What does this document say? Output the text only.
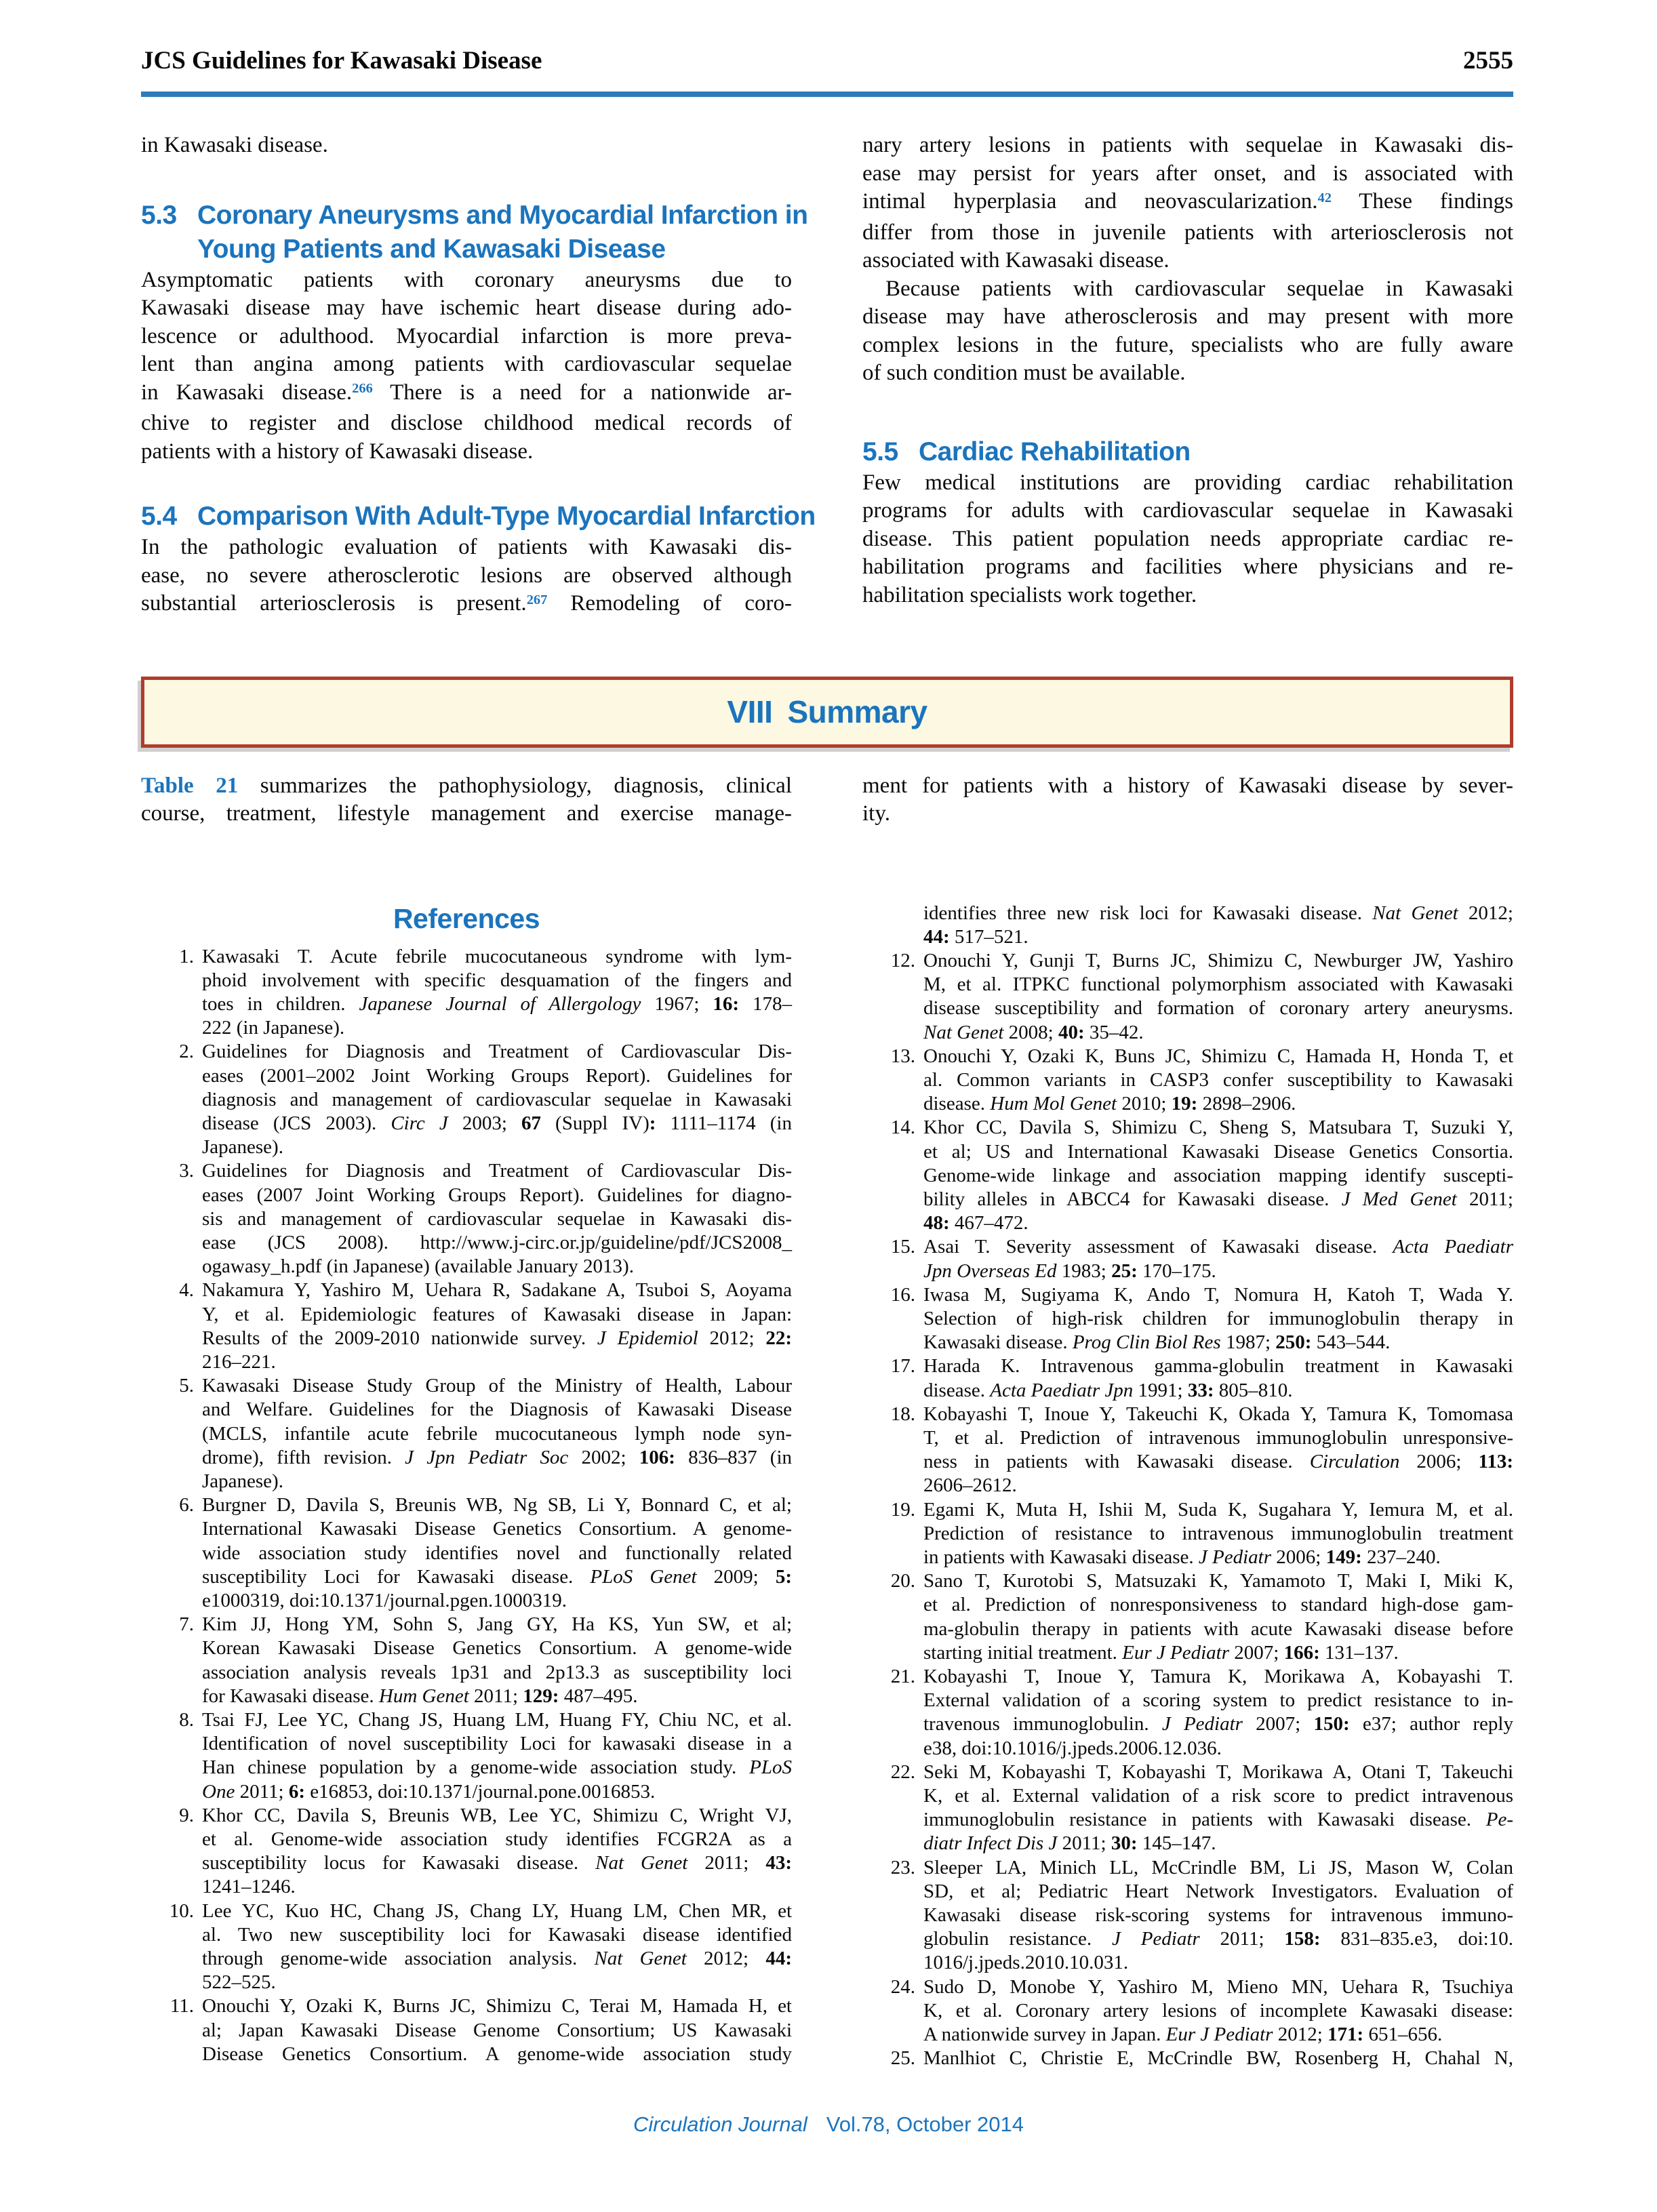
JCS Guidelines for Kawasaki Disease	2555
in Kawasaki disease.
5.3 Coronary Aneurysms and Myocardial Infarction in
Young Patients and Kawasaki Disease
Asymptomatic patients with coronary aneurysms due to
Kawasaki disease may have ischemic heart disease during ado-
lescence or adulthood. Myocardial infarction is more preva-
lent than angina among patients with cardiovascular sequelae
in Kawasaki disease.$^{266}$ There is a need for a nationwide ar-
chive to register and disclose childhood medical records of
patients with a history of Kawasaki disease.
5.4 Comparison With Adult-Type Myocardial Infarction
In the pathologic evaluation of patients with Kawasaki dis-
ease, no severe atherosclerotic lesions are observed although
substantial arteriosclerosis is present.$^{267}$ Remodeling of coro-
nary artery lesions in patients with sequelae in Kawasaki dis-
ease may persist for years after onset, and is associated with
intimal hyperplasia and neovascularization.$^{42}$ These findings
differ from those in juvenile patients with arteriosclerosis not
associated with Kawasaki disease.
Because patients with cardiovascular sequelae in Kawasaki
disease may have atherosclerosis and may present with more
complex lesions in the future, specialists who are fully aware
of such condition must be available.
5.5 Cardiac Rehabilitation
Few medical institutions are providing cardiac rehabilitation
programs for adults with cardiovascular sequelae in Kawasaki
disease. This patient population needs appropriate cardiac re-
habilitation programs and facilities where physicians and re-
habilitation specialists work together.
VIII Summary
Table 21 summarizes the pathophysiology, diagnosis, clinical
course, treatment, lifestyle management and exercise manage-
ment for patients with a history of Kawasaki disease by sever-
ity.
References
1. Kawasaki T. Acute febrile mucocutaneous syndrome with lym-
phoid involvement with specific desquamation of the fingers and
toes in children. Japanese Journal of Allergology 1967; 16: 178–
222 (in Japanese).
2. Guidelines for Diagnosis and Treatment of Cardiovascular Dis-
eases (2001–2002 Joint Working Groups Report). Guidelines for
diagnosis and management of cardiovascular sequelae in Kawasaki
disease (JCS 2003). Circ J 2003; 67 (Suppl IV): 1111–1174 (in
Japanese).
3. Guidelines for Diagnosis and Treatment of Cardiovascular Dis-
eases (2007 Joint Working Groups Report). Guidelines for diagno-
sis and management of cardiovascular sequelae in Kawasaki dis-
ease (JCS 2008). http://www.j-circ.or.jp/guideline/pdf/JCS2008_
ogawasy_h.pdf (in Japanese) (available January 2013).
4. Nakamura Y, Yashiro M, Uehara R, Sadakane A, Tsuboi S, Aoyama
Y, et al. Epidemiologic features of Kawasaki disease in Japan:
Results of the 2009-2010 nationwide survey. J Epidemiol 2012; 22:
216–221.
5. Kawasaki Disease Study Group of the Ministry of Health, Labour
and Welfare. Guidelines for the Diagnosis of Kawasaki Disease
(MCLS, infantile acute febrile mucocutaneous lymph node syn-
drome), fifth revision. J Jpn Pediatr Soc 2002; 106: 836–837 (in
Japanese).
6. Burgner D, Davila S, Breunis WB, Ng SB, Li Y, Bonnard C, et al;
International Kawasaki Disease Genetics Consortium. A genome-
wide association study identifies novel and functionally related
susceptibility Loci for Kawasaki disease. PLoS Genet 2009; 5:
e1000319, doi:10.1371/journal.pgen.1000319.
7. Kim JJ, Hong YM, Sohn S, Jang GY, Ha KS, Yun SW, et al;
Korean Kawasaki Disease Genetics Consortium. A genome-wide
association analysis reveals 1p31 and 2p13.3 as susceptibility loci
for Kawasaki disease. Hum Genet 2011; 129: 487–495.
8. Tsai FJ, Lee YC, Chang JS, Huang LM, Huang FY, Chiu NC, et al.
Identification of novel susceptibility Loci for kawasaki disease in a
Han chinese population by a genome-wide association study. PLoS
One 2011; 6: e16853, doi:10.1371/journal.pone.0016853.
9. Khor CC, Davila S, Breunis WB, Lee YC, Shimizu C, Wright VJ,
et al. Genome-wide association study identifies FCGR2A as a
susceptibility locus for Kawasaki disease. Nat Genet 2011; 43:
1241–1246.
10. Lee YC, Kuo HC, Chang JS, Chang LY, Huang LM, Chen MR, et
al. Two new susceptibility loci for Kawasaki disease identified
through genome-wide association analysis. Nat Genet 2012; 44:
522–525.
11. Onouchi Y, Ozaki K, Burns JC, Shimizu C, Terai M, Hamada H, et
al; Japan Kawasaki Disease Genome Consortium; US Kawasaki
Disease Genetics Consortium. A genome-wide association study
identifies three new risk loci for Kawasaki disease. Nat Genet 2012;
44: 517–521.
12. Onouchi Y, Gunji T, Burns JC, Shimizu C, Newburger JW, Yashiro
M, et al. ITPKC functional polymorphism associated with Kawasaki
disease susceptibility and formation of coronary artery aneurysms.
Nat Genet 2008; 40: 35–42.
13. Onouchi Y, Ozaki K, Buns JC, Shimizu C, Hamada H, Honda T, et
al. Common variants in CASP3 confer susceptibility to Kawasaki
disease. Hum Mol Genet 2010; 19: 2898–2906.
14. Khor CC, Davila S, Shimizu C, Sheng S, Matsubara T, Suzuki Y,
et al; US and International Kawasaki Disease Genetics Consortia.
Genome-wide linkage and association mapping identify suscepti-
bility alleles in ABCC4 for Kawasaki disease. J Med Genet 2011;
48: 467–472.
15. Asai T. Severity assessment of Kawasaki disease. Acta Paediatr
Jpn Overseas Ed 1983; 25: 170–175.
16. Iwasa M, Sugiyama K, Ando T, Nomura H, Katoh T, Wada Y.
Selection of high-risk children for immunoglobulin therapy in
Kawasaki disease. Prog Clin Biol Res 1987; 250: 543–544.
17. Harada K. Intravenous gamma-globulin treatment in Kawasaki
disease. Acta Paediatr Jpn 1991; 33: 805–810.
18. Kobayashi T, Inoue Y, Takeuchi K, Okada Y, Tamura K, Tomomasa
T, et al. Prediction of intravenous immunoglobulin unresponsive-
ness in patients with Kawasaki disease. Circulation 2006; 113:
2606–2612.
19. Egami K, Muta H, Ishii M, Suda K, Sugahara Y, Iemura M, et al.
Prediction of resistance to intravenous immunoglobulin treatment
in patients with Kawasaki disease. J Pediatr 2006; 149: 237–240.
20. Sano T, Kurotobi S, Matsuzaki K, Yamamoto T, Maki I, Miki K,
et al. Prediction of nonresponsiveness to standard high-dose gam-
ma-globulin therapy in patients with acute Kawasaki disease before
starting initial treatment. Eur J Pediatr 2007; 166: 131–137.
21. Kobayashi T, Inoue Y, Tamura K, Morikawa A, Kobayashi T.
External validation of a scoring system to predict resistance to in-
travenous immunoglobulin. J Pediatr 2007; 150: e37; author reply
e38, doi:10.1016/j.jpeds.2006.12.036.
22. Seki M, Kobayashi T, Kobayashi T, Morikawa A, Otani T, Takeuchi
K, et al. External validation of a risk score to predict intravenous
immunoglobulin resistance in patients with Kawasaki disease. Pe-
diatr Infect Dis J 2011; 30: 145–147.
23. Sleeper LA, Minich LL, McCrindle BM, Li JS, Mason W, Colan
SD, et al; Pediatric Heart Network Investigators. Evaluation of
Kawasaki disease risk-scoring systems for intravenous immuno-
globulin resistance. J Pediatr 2011; 158: 831–835.e3, doi:10.
1016/j.jpeds.2010.10.031.
24. Sudo D, Monobe Y, Yashiro M, Mieno MN, Uehara R, Tsuchiya
K, et al. Coronary artery lesions of incomplete Kawasaki disease:
A nationwide survey in Japan. Eur J Pediatr 2012; 171: 651–656.
25. Manlhiot C, Christie E, McCrindle BW, Rosenberg H, Chahal N,
Circulation Journal Vol.78, October 2014
